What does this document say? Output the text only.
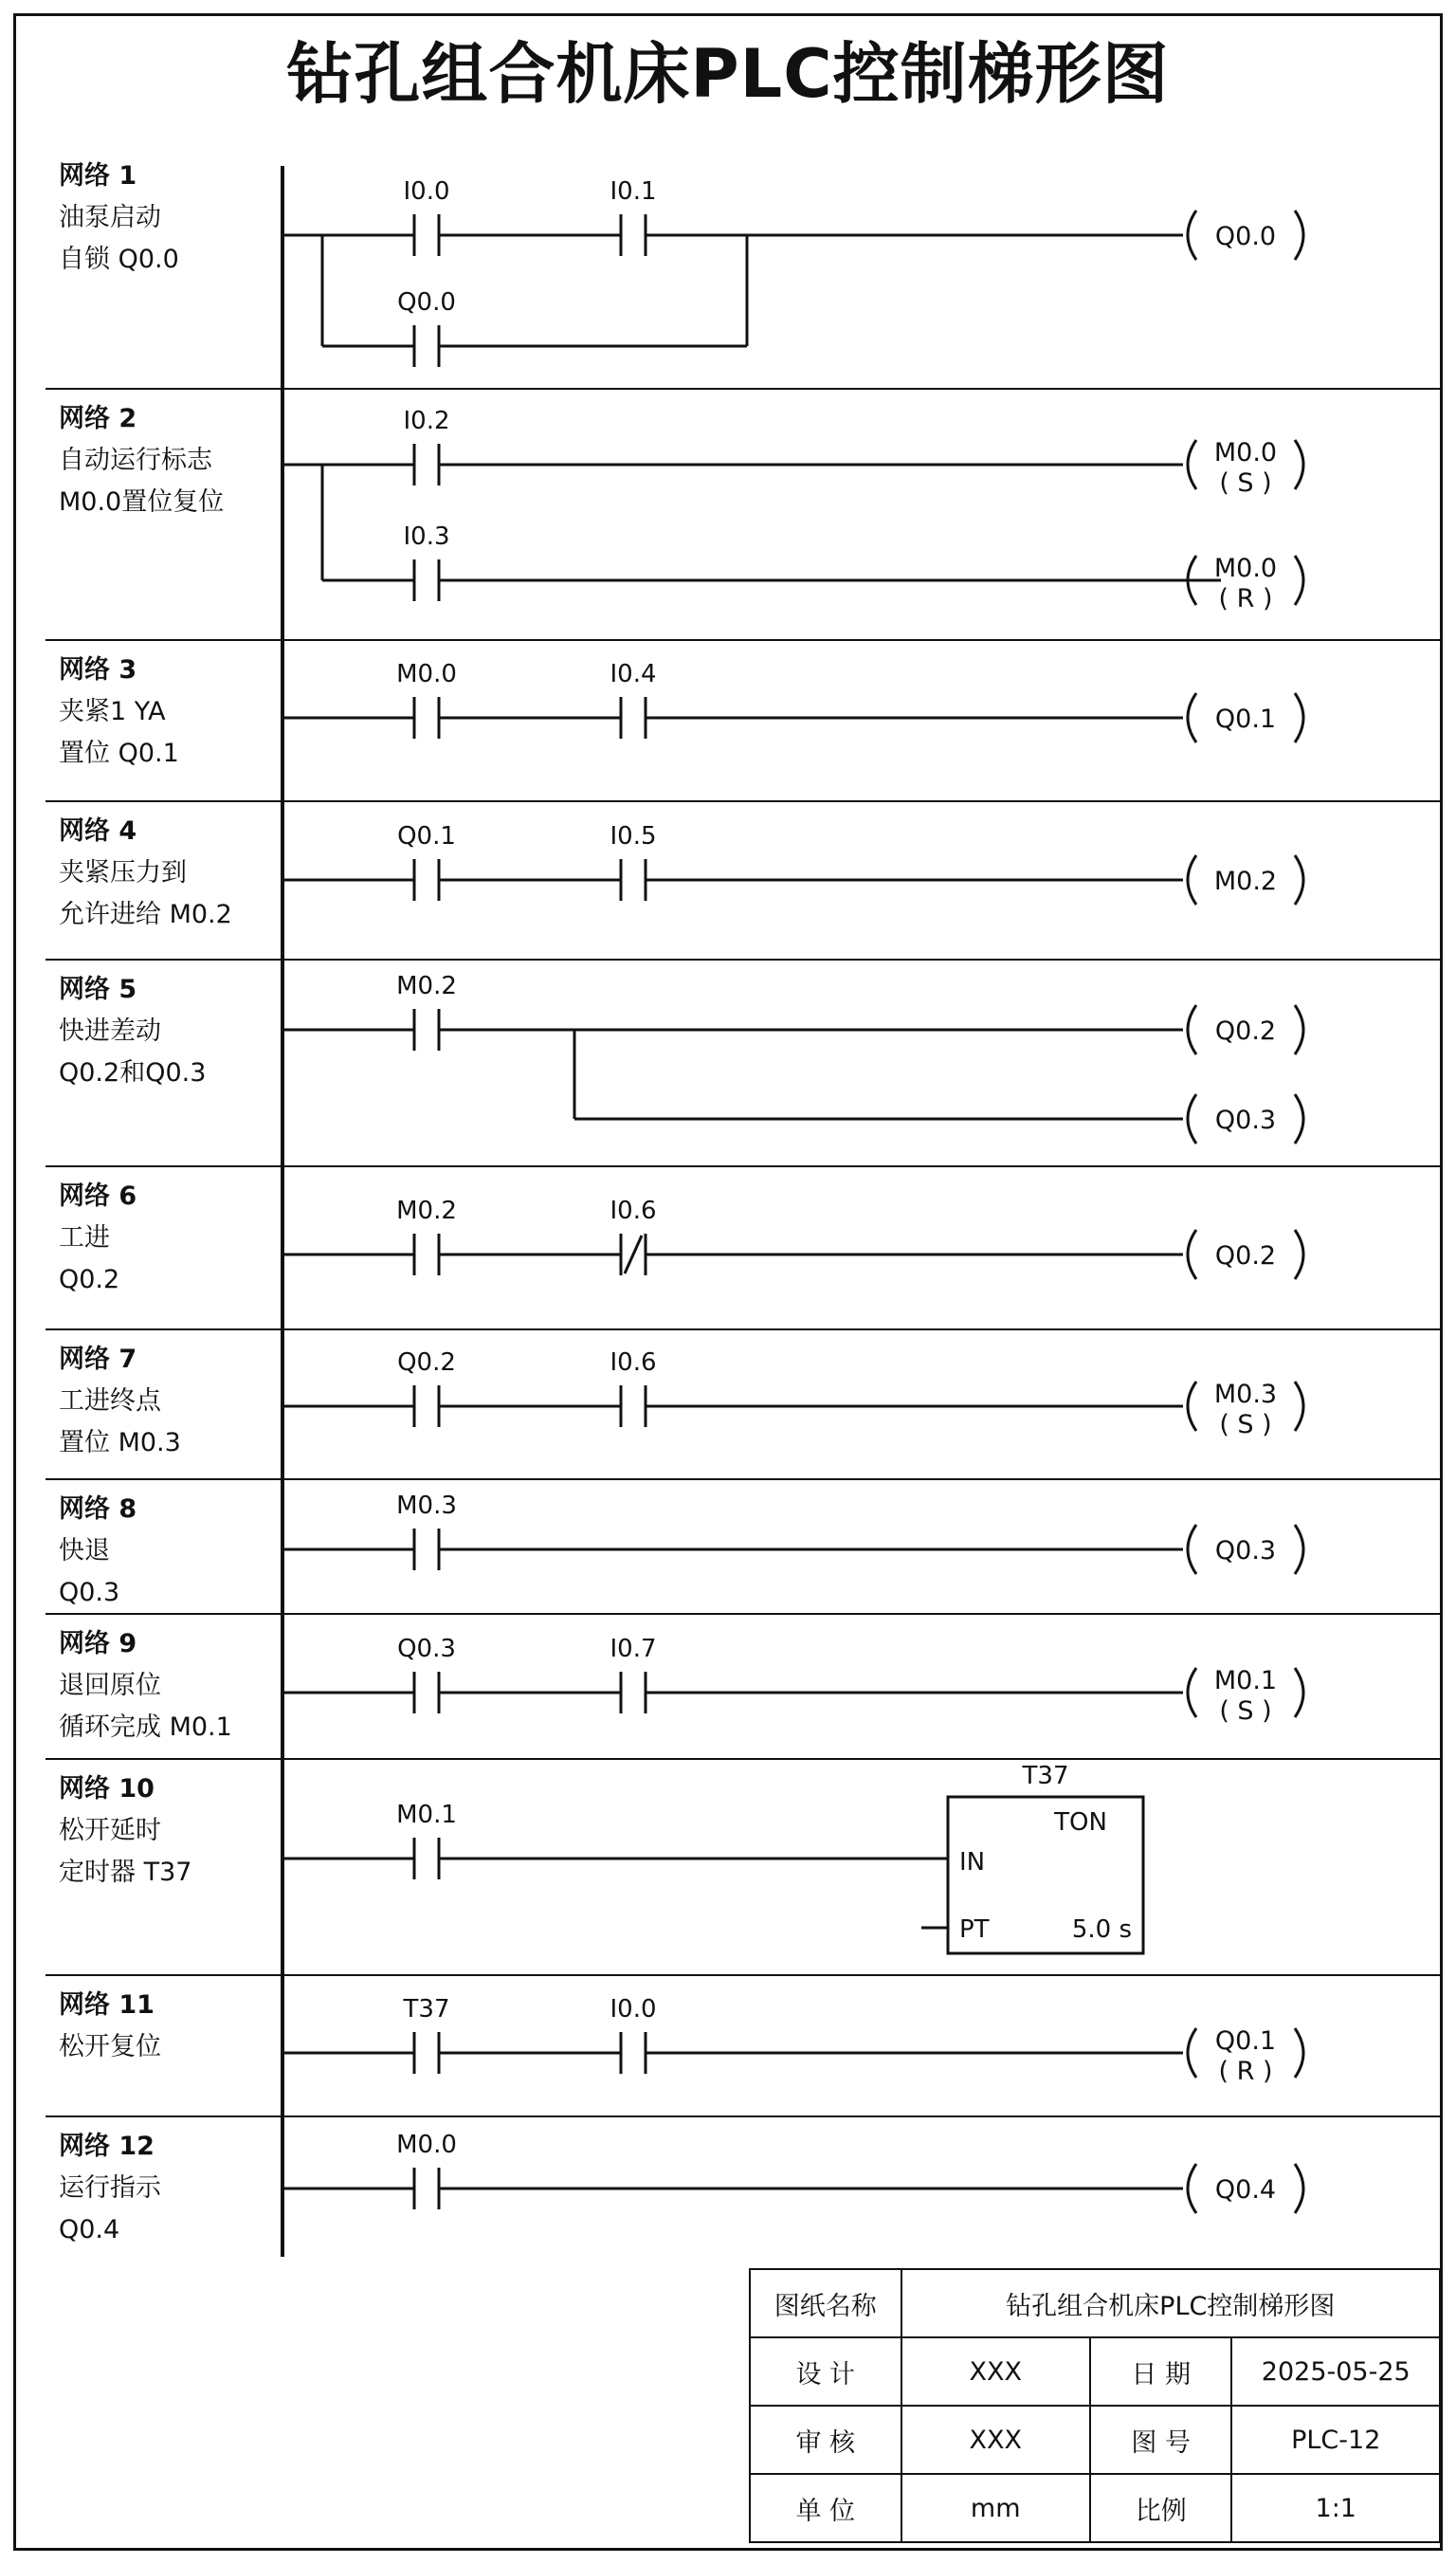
钻孔组合机床PLC控制梯形图
网络 1
油泵启动
自锁 Q0.0
I0.0	I0.1
Q0.0
Q0.0
网络 2
自动运行标志
M0.0置位复位
I0.2
M0.0
( S )
I0.3
M0.0
( R )
网络 3
夹紧1 YA
置位 Q0.1
M0.0	I0.4
Q0.1
网络 4
夹紧压力到
允许进给 M0.2
Q0.1	I0.5
M0.2
网络 5
快进差动
Q0.2和Q0.3
M0.2
Q0.2
Q0.3
网络 6
工进
Q0.2
M0.2	I0.6
Q0.2
网络 7
工进终点
置位 M0.3
Q0.2	I0.6
M0.3
( S )
网络 8
快退
Q0.3
M0.3
Q0.3
网络 9
退回原位
循环完成 M0.1
Q0.3	I0.7
M0.1
( S )
网络 10
松开延时
定时器 T37
M0.1
T37
TON
IN
PT	5.0 s
网络 11
松开复位
T37	I0.0
Q0.1
( R )
网络 12
运行指示
Q0.4
M0.0
Q0.4
图纸名称	钻孔组合机床PLC控制梯形图		
设 计	XXX	日 期	2025-05-25
审 核	XXX	图 号	PLC-12
单 位	mm	比例	1:1
